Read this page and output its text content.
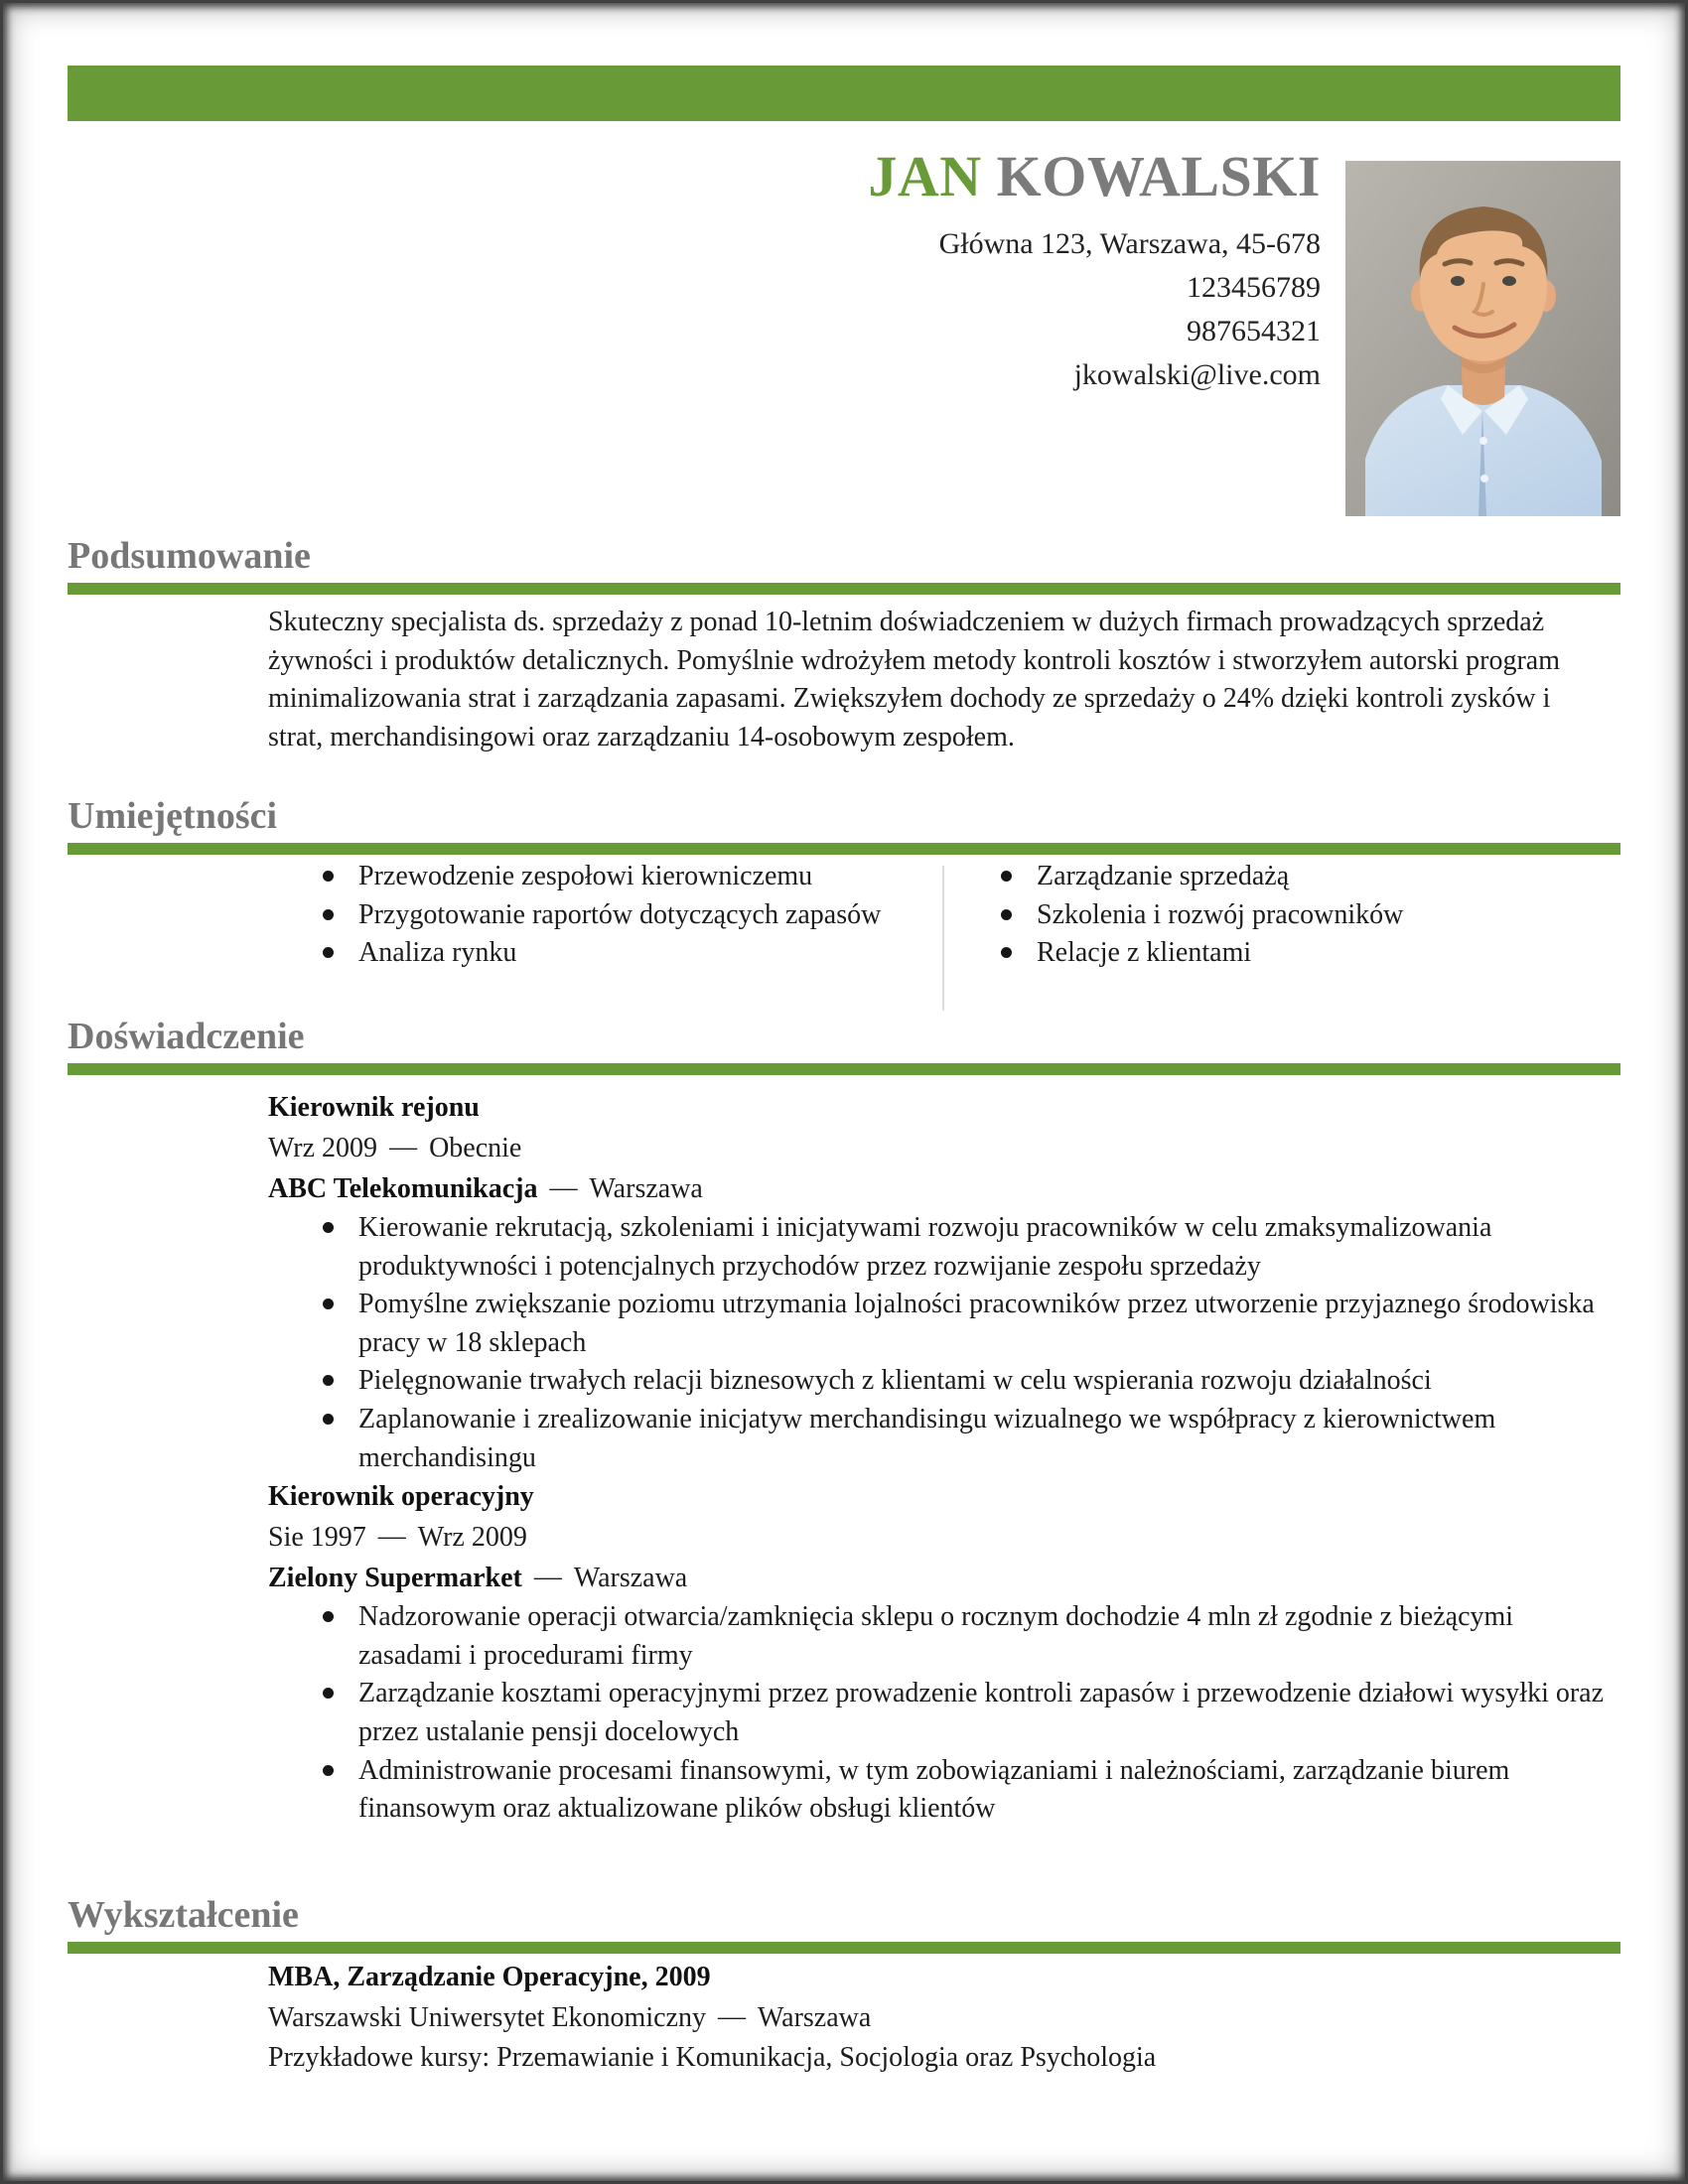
JAN KOWALSKI
Główna 123, Warszawa, 45-678
123456789
987654321
jkowalski@live.com
Podsumowanie

Skuteczny specjalista ds. sprzedaży z ponad 10-letnim doświadczeniem w dużych firmach prowadzących sprzedaż żywności i produktów detalicznych. Pomyślnie wdrożyłem metody kontroli kosztów i stworzyłem autorski program minimalizowania strat i zarządzania zapasami. Zwiększyłem dochody ze sprzedaży o 24% dzięki kontroli zysków i strat, merchandisingowi oraz zarządzaniu 14-osobowym zespołem.

Umiejętności
Przewodzenie zespołowi kierowniczemu
Przygotowanie raportów dotyczących zapasów
Analiza rynku
Zarządzanie sprzedażą
Szkolenia i rozwój pracowników
Relacje z klientami
Doświadczenie
Kierownik rejonu
Wrz 2009 — Obecnie
ABC Telekomunikacja — Warszawa
Kierowanie rekrutacją, szkoleniami i inicjatywami rozwoju pracowników w celu zmaksymalizowania produktywności i potencjalnych przychodów przez rozwijanie zespołu sprzedaży
Pomyślne zwiększanie poziomu utrzymania lojalności pracowników przez utworzenie przyjaznego środowiska pracy w 18 sklepach
Pielęgnowanie trwałych relacji biznesowych z klientami w celu wspierania rozwoju działalności
Zaplanowanie i zrealizowanie inicjatyw merchandisingu wizualnego we współpracy z kierownictwem merchandisingu
Kierownik operacyjny
Sie 1997 — Wrz 2009
Zielony Supermarket — Warszawa
Nadzorowanie operacji otwarcia/zamknięcia sklepu o rocznym dochodzie 4 mln zł zgodnie z bieżącymi zasadami i procedurami firmy
Zarządzanie kosztami operacyjnymi przez prowadzenie kontroli zapasów i przewodzenie działowi wysyłki oraz przez ustalanie pensji docelowych
Administrowanie procesami finansowymi, w tym zobowiązaniami i należnościami, zarządzanie biurem finansowym oraz aktualizowane plików obsługi klientów
Wykształcenie
MBA, Zarządzanie Operacyjne, 2009
Warszawski Uniwersytet Ekonomiczny — Warszawa
Przykładowe kursy: Przemawianie i Komunikacja, Socjologia oraz Psychologia
